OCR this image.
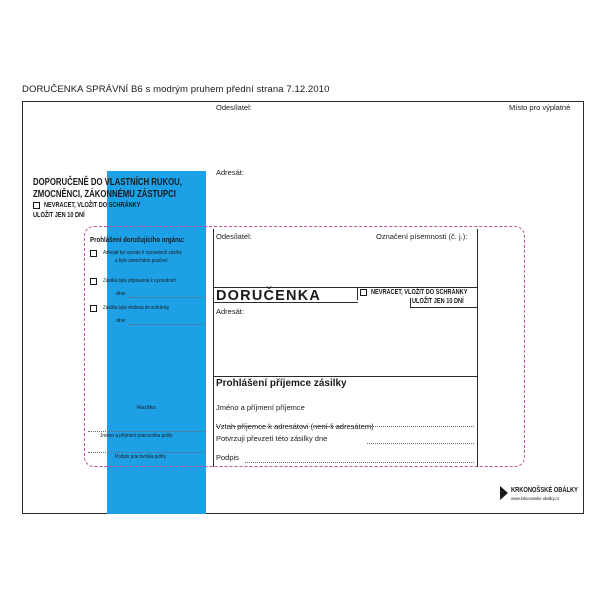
DORUČENKA SPRÁVNÍ B6 s modrým pruhem přední strana 7.12.2010
Odesílatel:	Místo pro výplatné
Adresát:
DOPORUČENĚ DO VLASTNÍCH RUKOU,
ZMOCNĚNCI, ZÁKONNÉMU ZÁSTUPCI
NEVRACET, VLOŽIT DO SCHRÁNKY
ULOŽIT JEN 10 DNÍ
Prohlášení doručujícího orgánu:
Adresát byl vyzván k vyzvednutí zásilky
a bylo zanecháno poučení.
Zásilka byla připravena k vyzvednutí
dne:
Zásilka byla vložena do schránky
dne:
Razítko
Jméno a příjmení pracovníka pošty
Podpis pracovníka pošty
Odesílatel:	Označení písemnosti (č. j.):
DORUČENKA	NEVRACET, VLOŽIT DO SCHRÁNKY
ULOŽIT JEN 10 DNÍ
Adresát:
Prohlášení příjemce zásilky
Jméno a příjmení příjemce
Vztah příjemce k adresátovi (není-li adresátem)
Potvrzuji převzetí této zásilky dne
Podpis
KRKONOŠSKÉ OBÁLKY
www.krkonosske-obalky.cz
